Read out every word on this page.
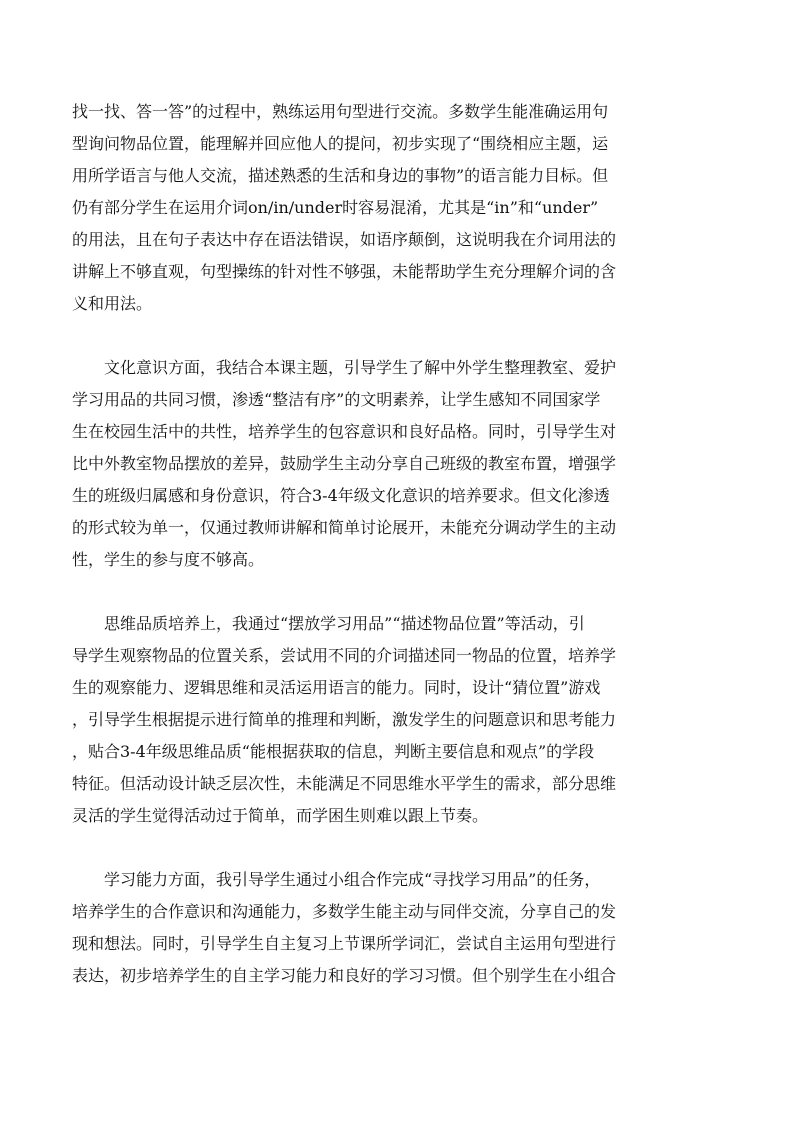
找一找、答一答”的过程中，熟练运用句型进行交流。多数学生能准确运用句
型询问物品位置，能理解并回应他人的提问，初步实现了“围绕相应主题，运
用所学语言与他人交流，描述熟悉的生活和身边的事物”的语言能力目标。但
仍有部分学生在运用介词on/in/under时容易混淆，尤其是“in”和“under”
的用法，且在句子表达中存在语法错误，如语序颠倒，这说明我在介词用法的
讲解上不够直观，句型操练的针对性不够强，未能帮助学生充分理解介词的含
义和用法。
　　文化意识方面，我结合本课主题，引导学生了解中外学生整理教室、爱护
学习用品的共同习惯，渗透“整洁有序”的文明素养，让学生感知不同国家学
生在校园生活中的共性，培养学生的包容意识和良好品格。同时，引导学生对
比中外教室物品摆放的差异，鼓励学生主动分享自己班级的教室布置，增强学
生的班级归属感和身份意识，符合3-4年级文化意识的培养要求。但文化渗透
的形式较为单一，仅通过教师讲解和简单讨论展开，未能充分调动学生的主动
性，学生的参与度不够高。
　　思维品质培养上，我通过“摆放学习用品”“描述物品位置”等活动，引
导学生观察物品的位置关系，尝试用不同的介词描述同一物品的位置，培养学
生的观察能力、逻辑思维和灵活运用语言的能力。同时，设计“猜位置”游戏
，引导学生根据提示进行简单的推理和判断，激发学生的问题意识和思考能力
，贴合3-4年级思维品质“能根据获取的信息，判断主要信息和观点”的学段
特征。但活动设计缺乏层次性，未能满足不同思维水平学生的需求，部分思维
灵活的学生觉得活动过于简单，而学困生则难以跟上节奏。
　　学习能力方面，我引导学生通过小组合作完成“寻找学习用品”的任务，
培养学生的合作意识和沟通能力，多数学生能主动与同伴交流，分享自己的发
现和想法。同时，引导学生自主复习上节课所学词汇，尝试自主运用句型进行
表达，初步培养学生的自主学习能力和良好的学习习惯。但个别学生在小组合
